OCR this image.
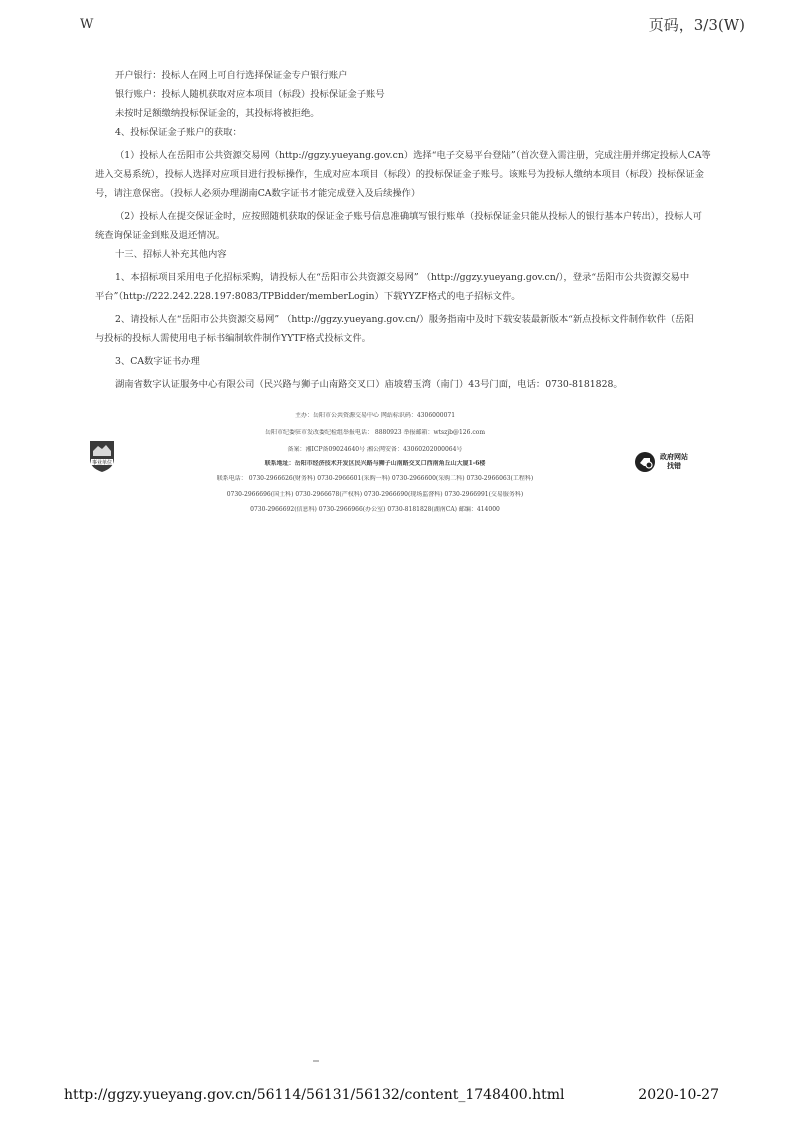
W	页码，3/3(W)

开户银行：投标人在网上可自行选择保证金专户银行账户

银行账户：投标人随机获取对应本项目（标段）投标保证金子账号

未按时足额缴纳投标保证金的，其投标将被拒绝。

4、投标保证金子账户的获取：

（1）投标人在岳阳市公共资源交易网（http://ggzy.yueyang.gov.cn）选择“电子交易平台登陆”（首次登入需注册，完成注册并绑定投标人CA等

进入交易系统），投标人选择对应项目进行投标操作，生成对应本项目（标段）的投标保证金子账号。该账号为投标人缴纳本项目（标段）投标保证金

号，请注意保密。（投标人必须办理湖南CA数字证书才能完成登入及后续操作）

（2）投标人在提交保证金时，应按照随机获取的保证金子账号信息准确填写银行账单（投标保证金只能从投标人的银行基本户转出），投标人可

统查询保证金到账及退还情况。

十三、招标人补充其他内容

1、本招标项目采用电子化招标采购，请投标人在“岳阳市公共资源交易网” （http://ggzy.yueyang.gov.cn/），登录“岳阳市公共资源交易中

平台”（http://222.242.228.197:8083/TPBidder/memberLogin）下载YYZF格式的电子招标文件。

2、请投标人在“岳阳市公共资源交易网” （http://ggzy.yueyang.gov.cn/）服务指南中及时下载安装最新版本“新点投标文件制作软件（岳阳

与投标的投标人需使用电子标书编制软件制作YYTF格式投标文件。

3、CA数字证书办理

湖南省数字认证服务中心有限公司（民兴路与狮子山南路交叉口）庙坡碧玉湾（南门）43号门面，电话：0730-8181828。

主办：岳阳市公共资源交易中心 网站标识码：4306000071
岳阳市纪委驻市发改委纪检组举报电话： 8880923 举报邮箱：wtszjb@126.com
备案：湘ICP备09024640号 湘公网安备：43060202000064号
联系地址：岳阳市经济技术开发区民兴路与狮子山南路交叉口西南角丘山大厦1-6楼
联系电话： 0730-2966626(财务科) 0730-2966601(采购一科) 0730-2966600(采购二科) 0730-2966063(工程科)
0730-2966696(国土科) 0730-2966678(产权科) 0730-2966690(现场监督科) 0730-2966991(交易服务科)
0730-2966692(信息科) 0730-2966966(办公室) 0730-8181828(湖南CA) 邮编：414000
事业单位
政府网站
找错
http://ggzy.yueyang.gov.cn/56114/56131/56132/content_1748400.html	2020-10-27
